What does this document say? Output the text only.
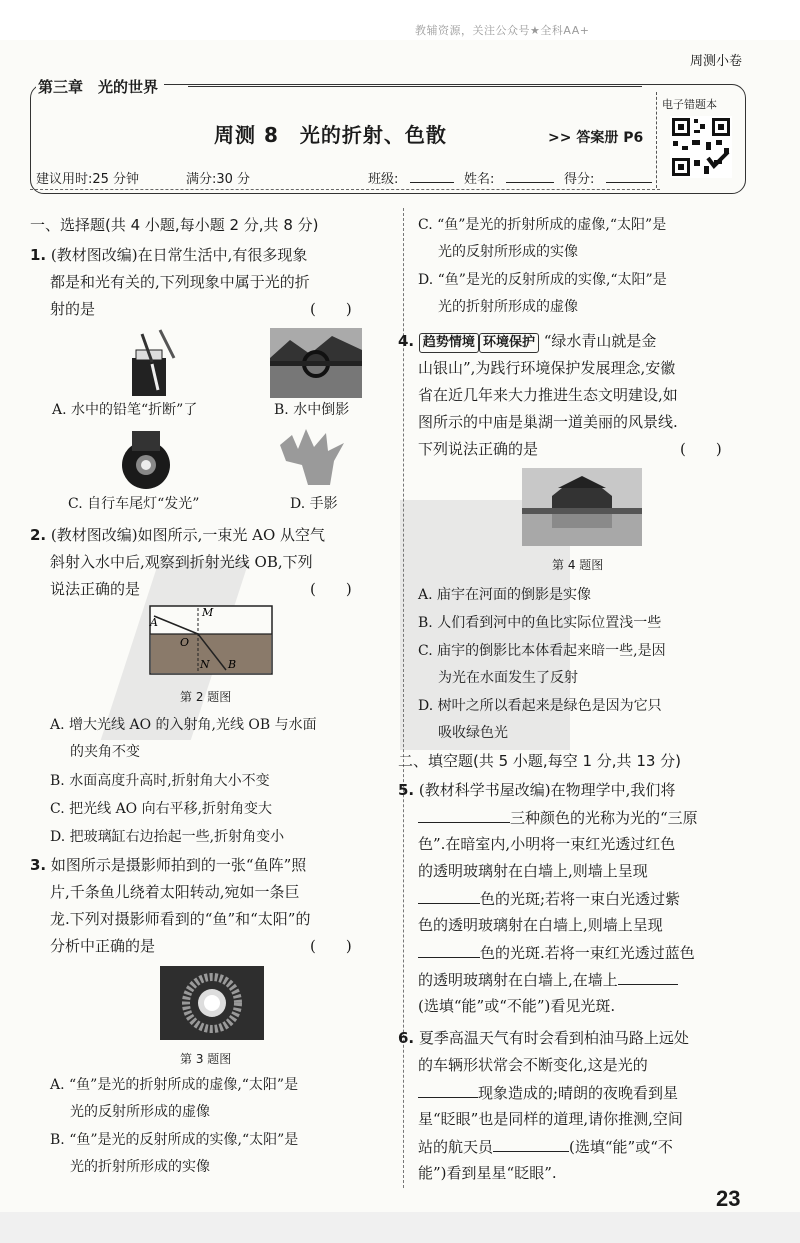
教辅资源，关注公众号★全科AA+
周测小卷
第三章　光的世界
周测 8　光的折射、色散	>> 答案册 P6
电子错题本
建议用时:25 分钟	满分:30 分	班级:	姓名:	得分:
一、选择题(共 4 小题,每小题 2 分,共 8 分)
1. (教材图改编)在日常生活中,有很多现象
都是和光有关的,下列现象中属于光的折
射的是	(　　)
A. 水中的铅笔“折断”了	B. 水中倒影
C. 自行车尾灯“发光”	D. 手影
2. (教材图改编)如图所示,一束光 AO 从空气
斜射入水中后,观察到折射光线 OB,下列
说法正确的是	(　　)
A
M
O
N B
第 2 题图
A. 增大光线 AO 的入射角,光线 OB 与水面
的夹角不变
B. 水面高度升高时,折射角大小不变
C. 把光线 AO 向右平移,折射角变大
D. 把玻璃缸右边抬起一些,折射角变小
3. 如图所示是摄影师拍到的一张“鱼阵”照
片,千条鱼儿绕着太阳转动,宛如一条巨
龙.下列对摄影师看到的“鱼”和“太阳”的
分析中正确的是	(　　)
第 3 题图
A. “鱼”是光的折射所成的虚像,“太阳”是
光的反射所形成的虚像
B. “鱼”是光的反射所成的实像,“太阳”是
光的折射所形成的实像
C. “鱼”是光的折射所成的虚像,“太阳”是
光的反射所形成的实像
D. “鱼”是光的反射所成的实像,“太阳”是
光的折射所形成的虚像
4. 趋势情境 环境保护 “绿水青山就是金
山银山”,为践行环境保护发展理念,安徽
省在近几年来大力推进生态文明建设,如
图所示的中庙是巢湖一道美丽的风景线.
下列说法正确的是	(　　)
第 4 题图
A. 庙宇在河面的倒影是实像
B. 人们看到河中的鱼比实际位置浅一些
C. 庙宇的倒影比本体看起来暗一些,是因
为光在水面发生了反射
D. 树叶之所以看起来是绿色是因为它只
吸收绿色光
二、填空题(共 5 小题,每空 1 分,共 13 分)
5. (教材科学书屋改编)在物理学中,我们将
三种颜色的光称为光的“三原
色”.在暗室内,小明将一束红光透过红色
的透明玻璃射在白墙上,则墙上呈现
色的光斑;若将一束白光透过紫
色的透明玻璃射在白墙上,则墙上呈现
色的光斑.若将一束红光透过蓝色
的透明玻璃射在白墙上,在墙上
(选填“能”或“不能”)看见光斑.
6. 夏季高温天气有时会看到柏油马路上远处
的车辆形状常会不断变化,这是光的
现象造成的;晴朗的夜晚看到星
星“眨眼”也是同样的道理,请你推测,空间
站的航天员	(选填“能”或“不
能”)看到星星“眨眼”.
23
